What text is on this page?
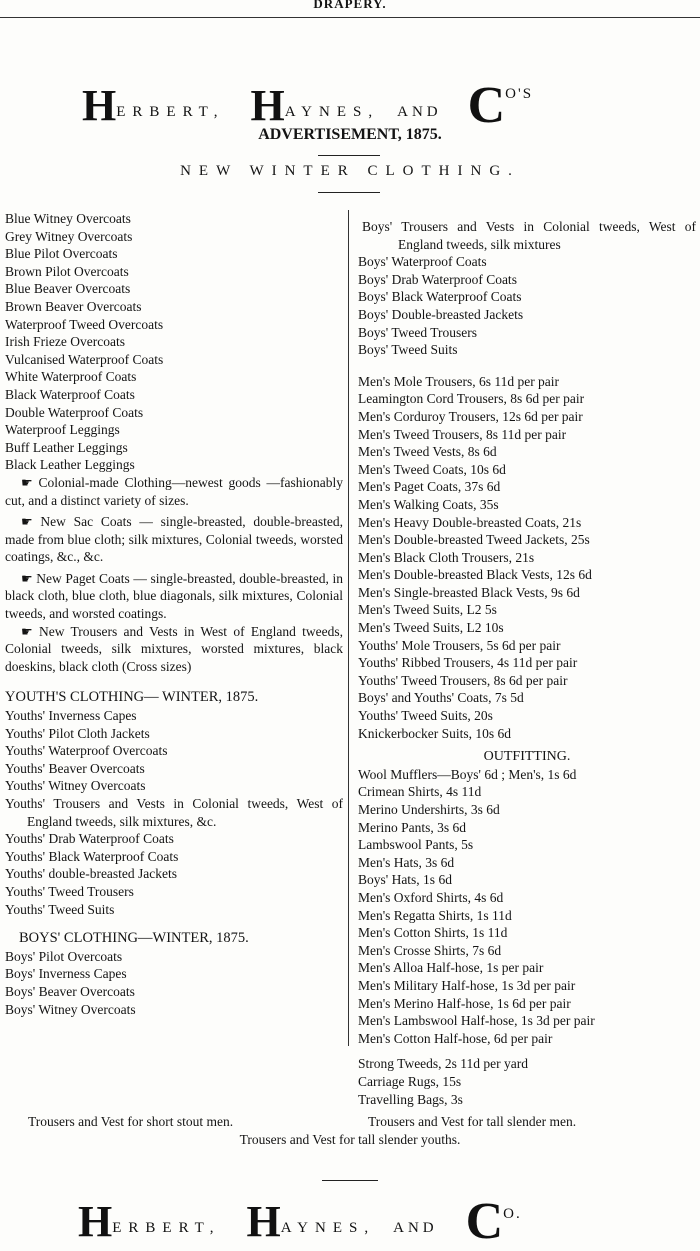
DRAPERY.
HERBERT, HAYNES, AND CO'S
ADVERTISEMENT, 1875.
NEW WINTER CLOTHING.
Blue Witney Overcoats
Grey Witney Overcoats
Blue Pilot Overcoats
Brown Pilot Overcoats
Blue Beaver Overcoats
Brown Beaver Overcoats
Waterproof Tweed Overcoats
Irish Frieze Overcoats
Vulcanised Waterproof Coats
White Waterproof Coats
Black Waterproof Coats
Double Waterproof Coats
Waterproof Leggings
Buff Leather Leggings
Black Leather Leggings
☛ Colonial-made Clothing—newest goods —fashionably cut, and a distinct variety of sizes.
☛ New Sac Coats — single-breasted, double-breasted, made from blue cloth; silk mixtures, Colonial tweeds, worsted coatings, &c., &c.
☛ New Paget Coats — single-breasted, double-breasted, in black cloth, blue cloth, blue diagonals, silk mixtures, Colonial tweeds, and worsted coatings.
☛ New Trousers and Vests in West of England tweeds, Colonial tweeds, silk mixtures, worsted mixtures, black doeskins, black cloth (Cross sizes)
YOUTH'S CLOTHING— WINTER, 1875.
Youths' Inverness Capes
Youths' Pilot Cloth Jackets
Youths' Waterproof Overcoats
Youths' Beaver Overcoats
Youths' Witney Overcoats
Youths' Trousers and Vests in Colonial tweeds, West of England tweeds, silk mixtures, &c.
Youths' Drab Waterproof Coats
Youths' Black Waterproof Coats
Youths' double-breasted Jackets
Youths' Tweed Trousers
Youths' Tweed Suits
BOYS' CLOTHING—WINTER, 1875.
Boys' Pilot Overcoats
Boys' Inverness Capes
Boys' Beaver Overcoats
Boys' Witney Overcoats
Boys' Trousers and Vests in Colonial tweeds, West of England tweeds, silk mixtures
Boys' Waterproof Coats
Boys' Drab Waterproof Coats
Boys' Black Waterproof Coats
Boys' Double-breasted Jackets
Boys' Tweed Trousers
Boys' Tweed Suits
Men's Mole Trousers, 6s 11d per pair
Leamington Cord Trousers, 8s 6d per pair
Men's Corduroy Trousers, 12s 6d per pair
Men's Tweed Trousers, 8s 11d per pair
Men's Tweed Vests, 8s 6d
Men's Tweed Coats, 10s 6d
Men's Paget Coats, 37s 6d
Men's Walking Coats, 35s
Men's Heavy Double-breasted Coats, 21s
Men's Double-breasted Tweed Jackets, 25s
Men's Black Cloth Trousers, 21s
Men's Double-breasted Black Vests, 12s 6d
Men's Single-breasted Black Vests, 9s 6d
Men's Tweed Suits, L2 5s
Men's Tweed Suits, L2 10s
Youths' Mole Trousers, 5s 6d per pair
Youths' Ribbed Trousers, 4s 11d per pair
Youths' Tweed Trousers, 8s 6d per pair
Boys' and Youths' Coats, 7s 5d
Youths' Tweed Suits, 20s
Knickerbocker Suits, 10s 6d
OUTFITTING.
Wool Mufflers—Boys' 6d ; Men's, 1s 6d
Crimean Shirts, 4s 11d
Merino Undershirts, 3s 6d
Merino Pants, 3s 6d
Lambswool Pants, 5s
Men's Hats, 3s 6d
Boys' Hats, 1s 6d
Men's Oxford Shirts, 4s 6d
Men's Regatta Shirts, 1s 11d
Men's Cotton Shirts, 1s 11d
Men's Crosse Shirts, 7s 6d
Men's Alloa Half-hose, 1s per pair
Men's Military Half-hose, 1s 3d per pair
Men's Merino Half-hose, 1s 6d per pair
Men's Lambswool Half-hose, 1s 3d per pair
Men's Cotton Half-hose, 6d per pair
Strong Tweeds, 2s 11d per yard
Carriage Rugs, 15s
Travelling Bags, 3s
Trousers and Vest for short stout men.	Trousers and Vest for tall slender men.
Trousers and Vest for tall slender youths.
HERBERT, HAYNES, AND CO.
